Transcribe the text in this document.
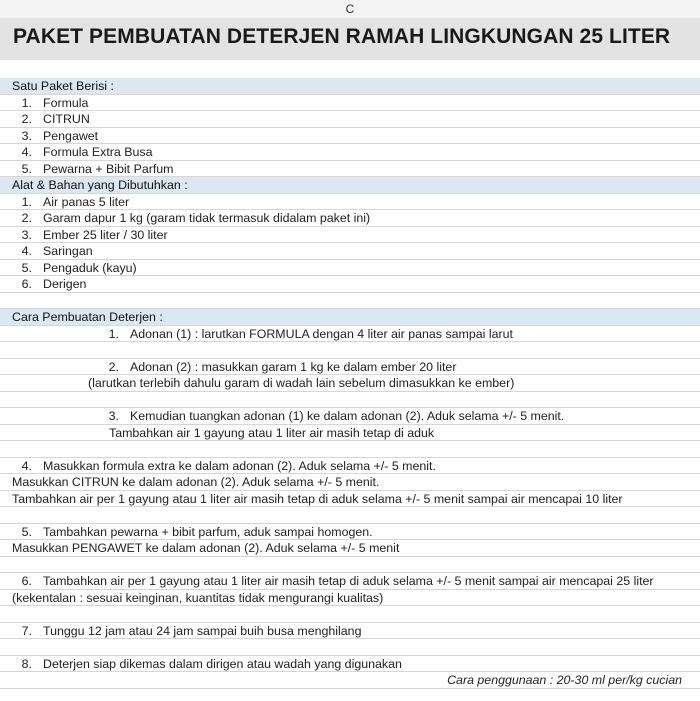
C
PAKET PEMBUATAN DETERJEN RAMAH LINGKUNGAN 25 LITER
Satu Paket Berisi :
1. Formula
2. CITRUN
3. Pengawet
4. Formula Extra Busa
5. Pewarna + Bibit Parfum
Alat & Bahan yang Dibutuhkan :
1. Air panas 5 liter
2. Garam dapur 1 kg (garam tidak termasuk didalam paket ini)
3. Ember 25 liter / 30 liter
4. Saringan
5. Pengaduk (kayu)
6. Derigen
Cara Pembuatan Deterjen :
1. Adonan (1) : larutkan FORMULA dengan 4 liter air panas sampai larut
2. Adonan (2) : masukkan garam 1 kg ke dalam ember 20 liter
(larutkan terlebih dahulu garam di wadah lain sebelum dimasukkan ke ember)
3. Kemudian tuangkan adonan (1) ke dalam adonan (2). Aduk selama +/- 5 menit.
Tambahkan air 1 gayung atau 1 liter air masih tetap di aduk
4. Masukkan formula extra ke dalam adonan (2). Aduk selama +/- 5 menit.
Masukkan CITRUN ke dalam adonan (2). Aduk selama +/- 5 menit.
Tambahkan air per 1 gayung atau 1 liter air masih tetap di aduk selama +/- 5 menit sampai air mencapai 10 liter
5. Tambahkan pewarna + bibit parfum, aduk sampai homogen.
Masukkan PENGAWET ke dalam adonan (2). Aduk selama +/- 5 menit
6. Tambahkan air per 1 gayung atau 1 liter air masih tetap di aduk selama +/- 5 menit sampai air mencapai 25 liter
(kekentalan : sesuai keinginan, kuantitas tidak mengurangi kualitas)
7. Tunggu 12 jam atau 24 jam sampai buih busa menghilang
8. Deterjen siap dikemas dalam dirigen atau wadah yang digunakan
Cara penggunaan : 20-30 ml per/kg cucian
